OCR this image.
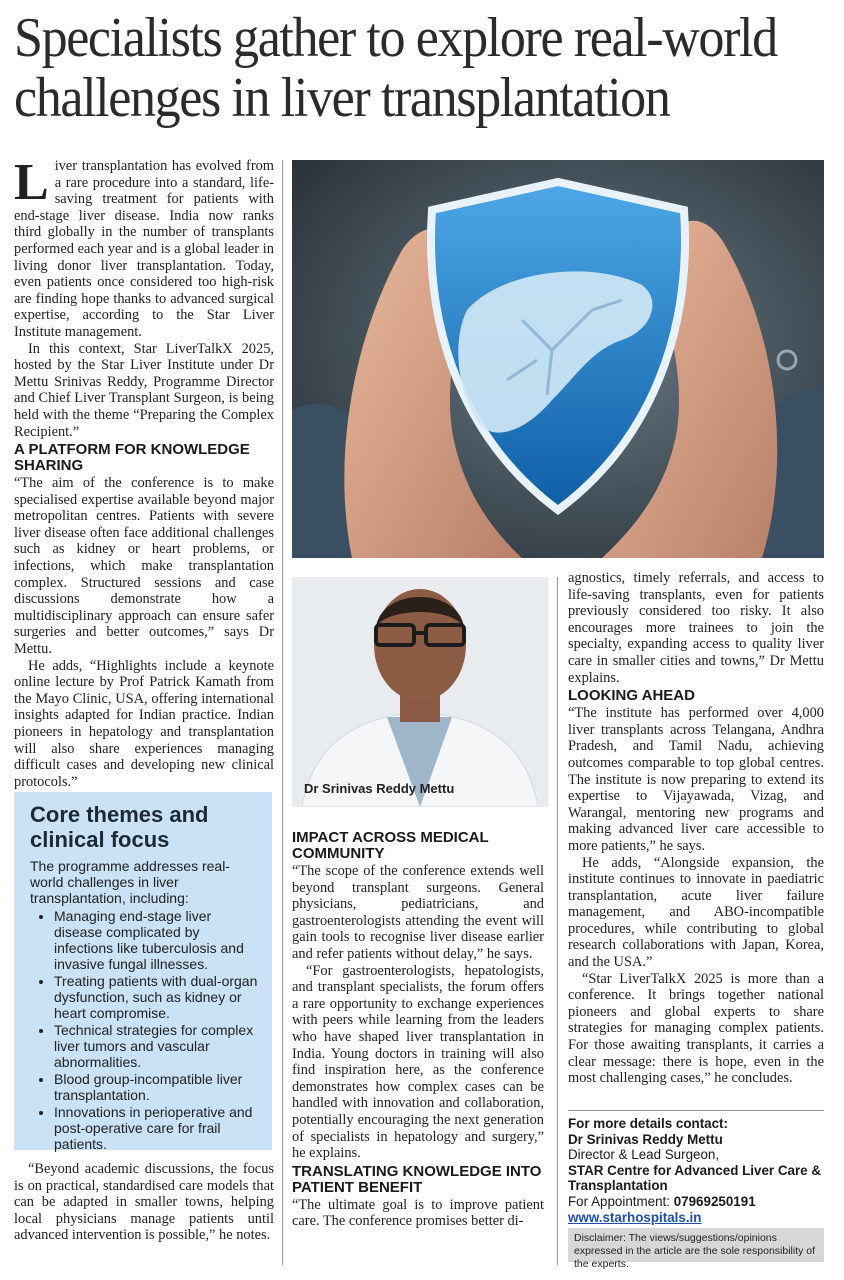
Specialists gather to explore real-world
challenges in liver transplantation

Liver transplantation has evolved from a rare procedure into a standard, life-saving treatment for patients with end-stage liver disease. India now ranks third globally in the number of transplants performed each year and is a global leader in living donor liver transplantation. Today, even patients once considered too high-risk are finding hope thanks to advanced surgical expertise, according to the Star Liver Institute management.

In this context, Star LiverTalkX 2025, hosted by the Star Liver Institute under Dr Mettu Srinivas Reddy, Programme Director and Chief Liver Transplant Surgeon, is being held with the theme “Preparing the Complex Recipient.”

A PLATFORM FOR KNOWLEDGE SHARING

“The aim of the conference is to make specialised expertise available beyond major metropolitan centres. Patients with severe liver disease often face additional challenges such as kidney or heart problems, or infections, which make transplantation complex. Structured sessions and case discussions demonstrate how a multidisciplinary approach can ensure safer surgeries and better outcomes,” says Dr Mettu.

He adds, “Highlights include a keynote online lecture by Prof Patrick Kamath from the Mayo Clinic, USA, offering international insights adapted for Indian practice. Indian pioneers in hepatology and transplantation will also share experiences managing difficult cases and developing new clinical protocols.”

Core themes and clinical focus
The programme addresses real-world challenges in liver transplantation, including:
• Managing end-stage liver disease complicated by infections like tuberculosis and invasive fungal illnesses.
• Treating patients with dual-organ dysfunction, such as kidney or heart compromise.
• Technical strategies for complex liver tumors and vascular abnormalities.
• Blood group-incompatible liver transplantation.
• Innovations in perioperative and post-operative care for frail patients.

“Beyond academic discussions, the focus is on practical, standardised care models that can be adapted in smaller towns, helping local physicians manage patients until advanced intervention is possible,” he notes.

Dr Srinivas Reddy Mettu
IMPACT ACROSS MEDICAL COMMUNITY

“The scope of the conference extends well beyond transplant surgeons. General physicians, pediatricians, and gastroenterologists attending the event will gain tools to recognise liver disease earlier and refer patients without delay,” he says.

“For gastroenterologists, hepatologists, and transplant specialists, the forum offers a rare opportunity to exchange experiences with peers while learning from the leaders who have shaped liver transplantation in India. Young doctors in training will also find inspiration here, as the conference demonstrates how complex cases can be handled with innovation and collaboration, potentially encouraging the next generation of specialists in hepatology and surgery,” he explains.

TRANSLATING KNOWLEDGE INTO PATIENT BENEFIT

“The ultimate goal is to improve patient care. The conference promises better di-

agnostics, timely referrals, and access to life-saving transplants, even for patients previously considered too risky. It also encourages more trainees to join the specialty, expanding access to quality liver care in smaller cities and towns,” Dr Mettu explains.

LOOKING AHEAD

“The institute has performed over 4,000 liver transplants across Telangana, Andhra Pradesh, and Tamil Nadu, achieving outcomes comparable to top global centres. The institute is now preparing to extend its expertise to Vijayawada, Vizag, and Warangal, mentoring new programs and making advanced liver care accessible to more patients,” he says.

He adds, “Alongside expansion, the institute continues to innovate in paediatric transplantation, acute liver failure management, and ABO-incompatible procedures, while contributing to global research collaborations with Japan, Korea, and the USA.”

“Star LiverTalkX 2025 is more than a conference. It brings together national pioneers and global experts to share strategies for managing complex patients. For those awaiting transplants, it carries a clear message: there is hope, even in the most challenging cases,” he concludes.

For more details contact:
Dr Srinivas Reddy Mettu
Director & Lead Surgeon,
STAR Centre for Advanced Liver Care & Transplantation
For Appointment: 07969250191
www.starhospitals.in
Disclaimer: The views/suggestions/opinions expressed in the article are the sole responsibility of the experts.
